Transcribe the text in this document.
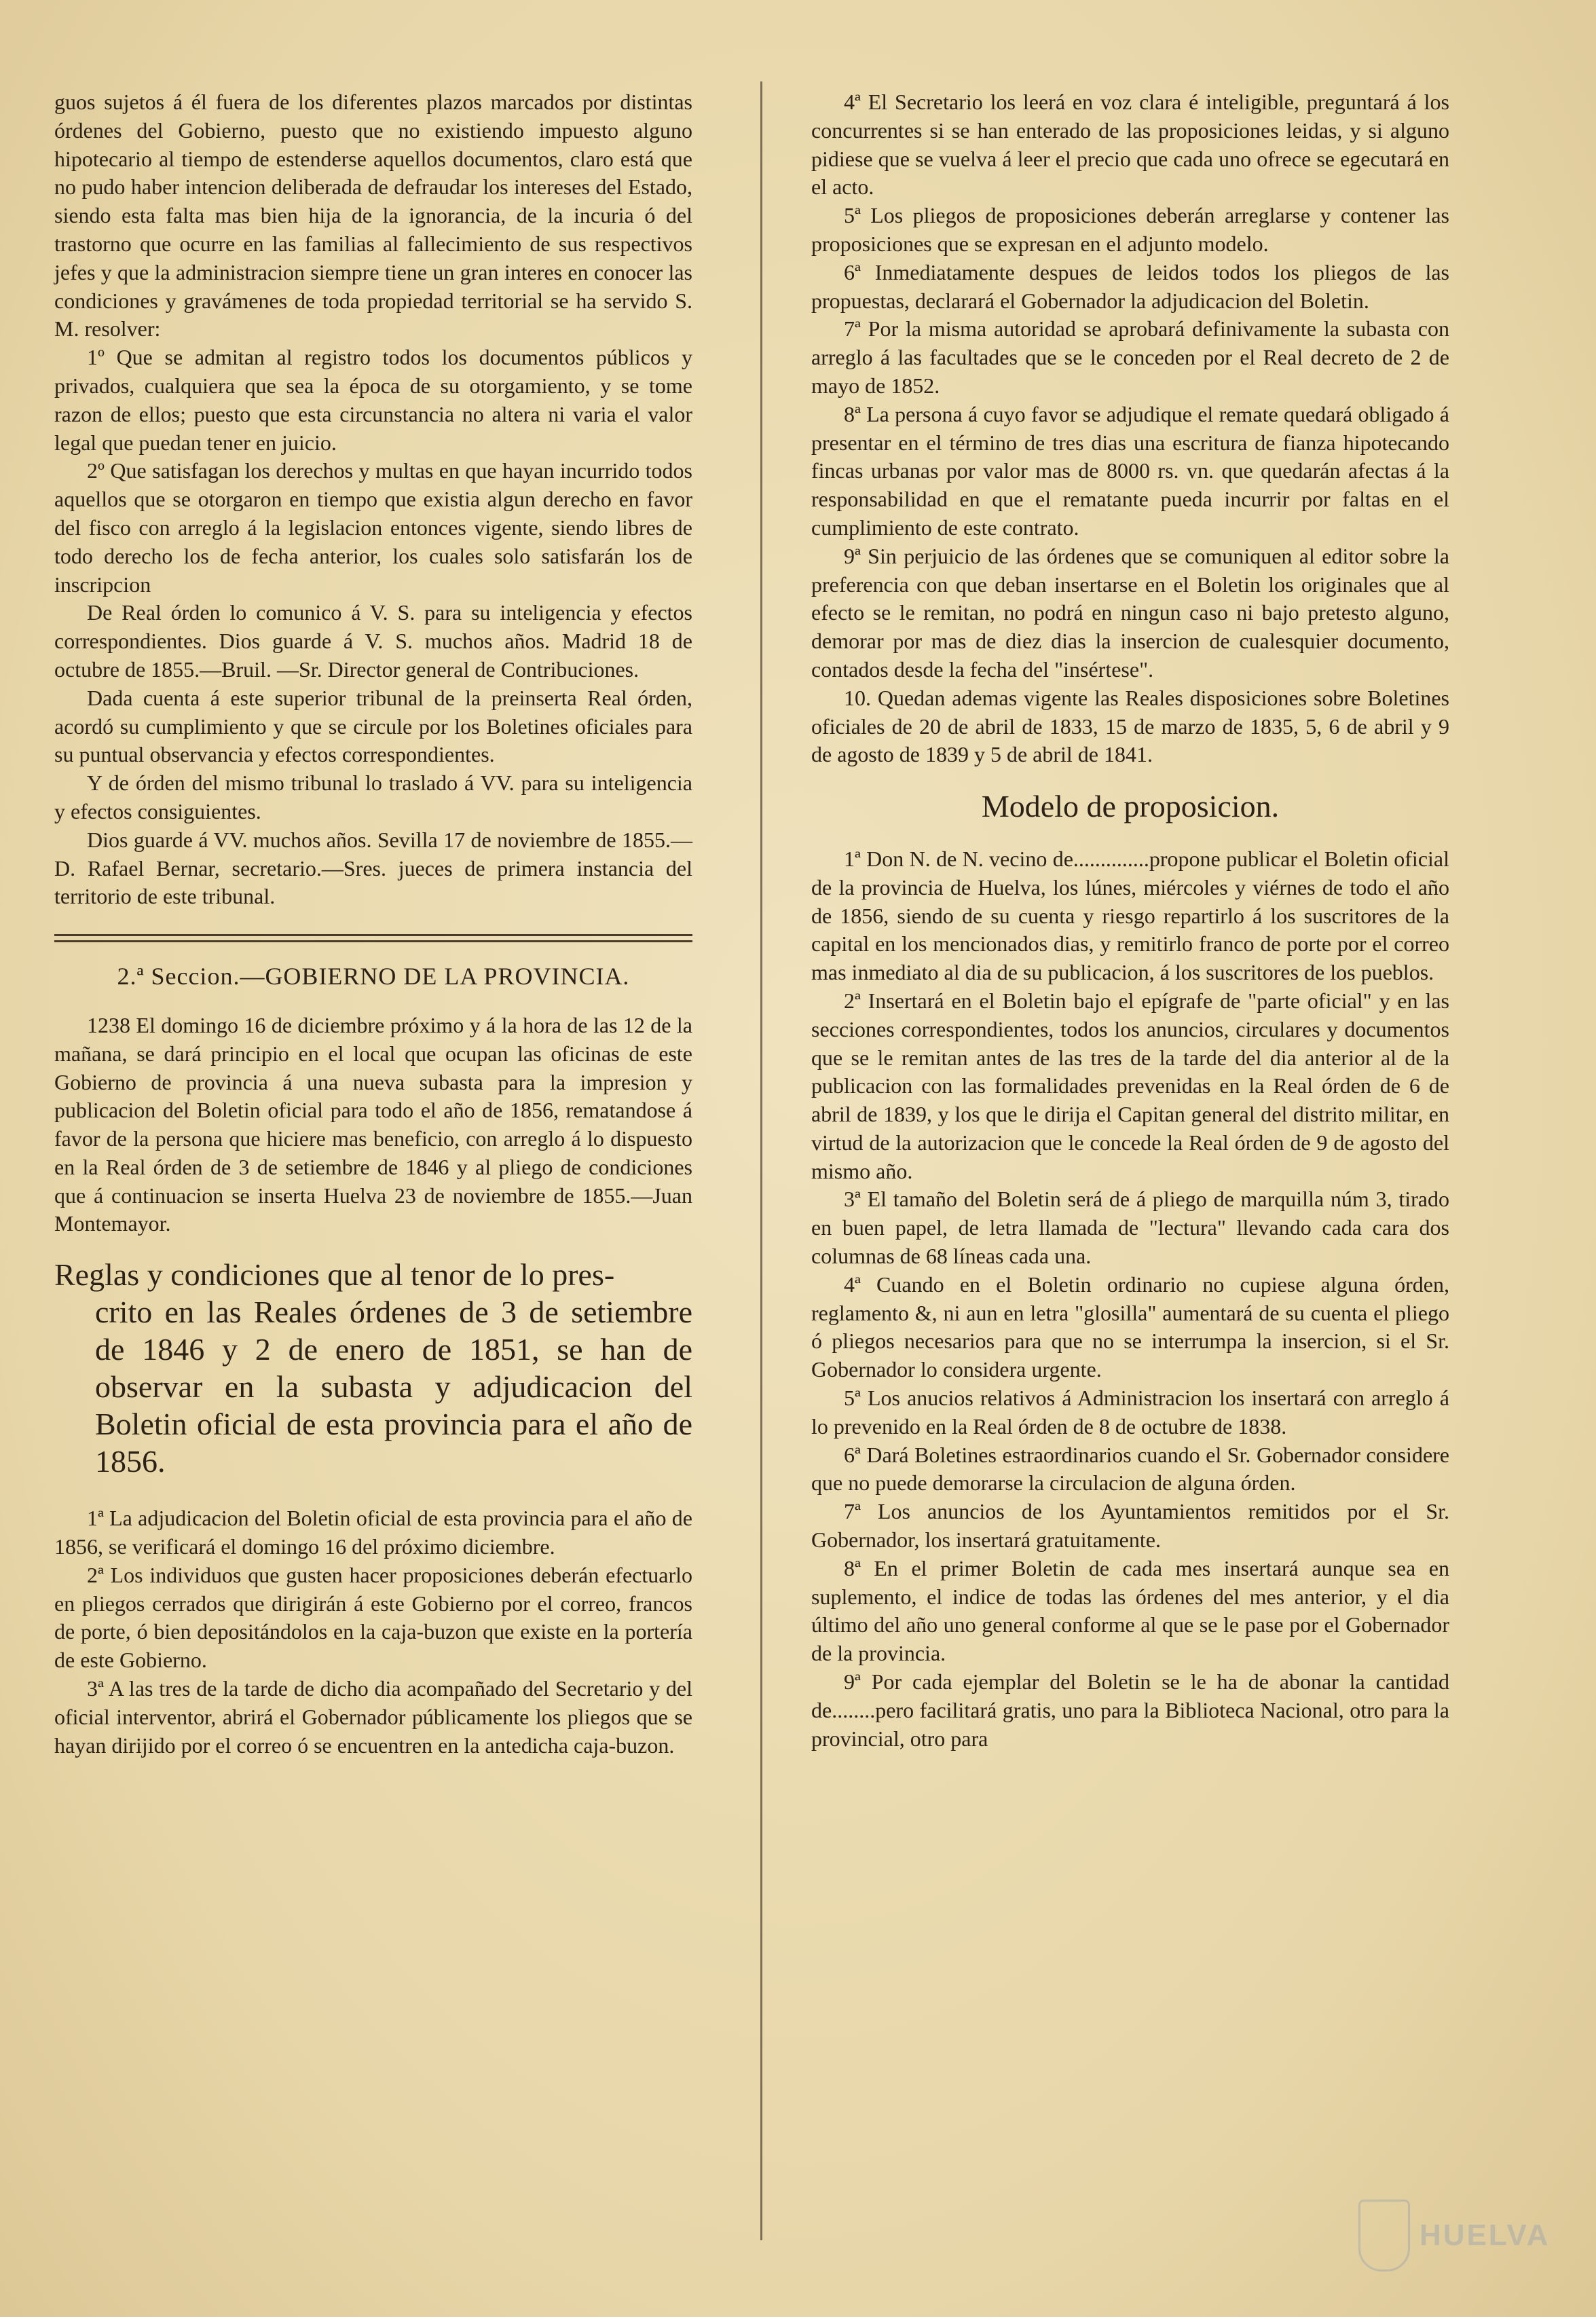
guos sujetos á él fuera de los diferentes plazos marcados por distintas órdenes del Gobierno, puesto que no existiendo impuesto alguno hipotecario al tiempo de estenderse aquellos documentos, claro está que no pudo haber intencion deliberada de defraudar los intereses del Estado, siendo esta falta mas bien hija de la ignorancia, de la incuria ó del trastorno que ocurre en las familias al fallecimiento de sus respectivos jefes y que la administracion siempre tiene un gran interes en conocer las condiciones y gravámenes de toda propiedad territorial se ha servido S. M. resolver:

1º Que se admitan al registro todos los documentos públicos y privados, cualquiera que sea la época de su otorgamiento, y se tome razon de ellos; puesto que esta circunstancia no altera ni varia el valor legal que puedan tener en juicio.

2º Que satisfagan los derechos y multas en que hayan incurrido todos aquellos que se otorgaron en tiempo que existia algun derecho en favor del fisco con arreglo á la legislacion entonces vigente, siendo libres de todo derecho los de fecha anterior, los cuales solo satisfarán los de inscripcion

De Real órden lo comunico á V. S. para su inteligencia y efectos correspondientes. Dios guarde á V. S. muchos años. Madrid 18 de octubre de 1855.—Bruil. —Sr. Director general de Contribuciones.

Dada cuenta á este superior tribunal de la preinserta Real órden, acordó su cumplimiento y que se circule por los Boletines oficiales para su puntual observancia y efectos correspondientes.

Y de órden del mismo tribunal lo traslado á VV. para su inteligencia y efectos consiguientes.

Dios guarde á VV. muchos años. Sevilla 17 de noviembre de 1855.—D. Rafael Bernar, secretario.—Sres. jueces de primera instancia del territorio de este tribunal.

2.ª Seccion.—GOBIERNO DE LA PROVINCIA.

1238 El domingo 16 de diciembre próximo y á la hora de las 12 de la mañana, se dará principio en el local que ocupan las oficinas de este Gobierno de provincia á una nueva subasta para la impresion y publicacion del Boletin oficial para todo el año de 1856, rematandose á favor de la persona que hiciere mas beneficio, con arreglo á lo dispuesto en la Real órden de 3 de setiembre de 1846 y al pliego de condiciones que á continuacion se inserta Huelva 23 de noviembre de 1855.—Juan Montemayor.

Reglas y condiciones que al tenor de lo pres-
crito en las Reales órdenes de 3 de setiembre de 1846 y 2 de enero de 1851, se han de observar en la subasta y adjudicacion del Boletin oficial de esta provincia para el año de 1856.

1ª La adjudicacion del Boletin oficial de esta provincia para el año de 1856, se verificará el domingo 16 del próximo diciembre.

2ª Los individuos que gusten hacer proposiciones deberán efectuarlo en pliegos cerrados que dirigirán á este Gobierno por el correo, francos de porte, ó bien depositándolos en la caja-buzon que existe en la portería de este Gobierno.

3ª A las tres de la tarde de dicho dia acompañado del Secretario y del oficial interventor, abrirá el Gobernador públicamente los pliegos que se hayan dirijido por el correo ó se encuentren en la antedicha caja-buzon.

4ª El Secretario los leerá en voz clara é inteligible, preguntará á los concurrentes si se han enterado de las proposiciones leidas, y si alguno pidiese que se vuelva á leer el precio que cada uno ofrece se egecutará en el acto.

5ª Los pliegos de proposiciones deberán arreglarse y contener las proposiciones que se expresan en el adjunto modelo.

6ª Inmediatamente despues de leidos todos los pliegos de las propuestas, declarará el Gobernador la adjudicacion del Boletin.

7ª Por la misma autoridad se aprobará definivamente la subasta con arreglo á las facultades que se le conceden por el Real decreto de 2 de mayo de 1852.

8ª La persona á cuyo favor se adjudique el remate quedará obligado á presentar en el término de tres dias una escritura de fianza hipotecando fincas urbanas por valor mas de 8000 rs. vn. que quedarán afectas á la responsabilidad en que el rematante pueda incurrir por faltas en el cumplimiento de este contrato.

9ª Sin perjuicio de las órdenes que se comuniquen al editor sobre la preferencia con que deban insertarse en el Boletin los originales que al efecto se le remitan, no podrá en ningun caso ni bajo pretesto alguno, demorar por mas de diez dias la insercion de cualesquier documento, contados desde la fecha del "insértese".

10. Quedan ademas vigente las Reales disposiciones sobre Boletines oficiales de 20 de abril de 1833, 15 de marzo de 1835, 5, 6 de abril y 9 de agosto de 1839 y 5 de abril de 1841.

Modelo de proposicion.

1ª Don N. de N. vecino de..............propone publicar el Boletin oficial de la provincia de Huelva, los lúnes, miércoles y viérnes de todo el año de 1856, siendo de su cuenta y riesgo repartirlo á los suscritores de la capital en los mencionados dias, y remitirlo franco de porte por el correo mas inmediato al dia de su publicacion, á los suscritores de los pueblos.

2ª Insertará en el Boletin bajo el epígrafe de "parte oficial" y en las secciones correspondientes, todos los anuncios, circulares y documentos que se le remitan antes de las tres de la tarde del dia anterior al de la publicacion con las formalidades prevenidas en la Real órden de 6 de abril de 1839, y los que le dirija el Capitan general del distrito militar, en virtud de la autorizacion que le concede la Real órden de 9 de agosto del mismo año.

3ª El tamaño del Boletin será de á pliego de marquilla núm 3, tirado en buen papel, de letra llamada de "lectura" llevando cada cara dos columnas de 68 líneas cada una.

4ª Cuando en el Boletin ordinario no cupiese alguna órden, reglamento &, ni aun en letra "glosilla" aumentará de su cuenta el pliego ó pliegos necesarios para que no se interrumpa la insercion, si el Sr. Gobernador lo considera urgente.

5ª Los anucios relativos á Administracion los insertará con arreglo á lo prevenido en la Real órden de 8 de octubre de 1838.

6ª Dará Boletines estraordinarios cuando el Sr. Gobernador considere que no puede demorarse la circulacion de alguna órden.

7ª Los anuncios de los Ayuntamientos remitidos por el Sr. Gobernador, los insertará gratuitamente.

8ª En el primer Boletin de cada mes insertará aunque sea en suplemento, el indice de todas las órdenes del mes anterior, y el dia último del año uno general conforme al que se le pase por el Gobernador de la provincia.

9ª Por cada ejemplar del Boletin se le ha de abonar la cantidad de........pero facilitará gratis, uno para la Biblioteca Nacional, otro para la provincial, otro para

HUELVA
